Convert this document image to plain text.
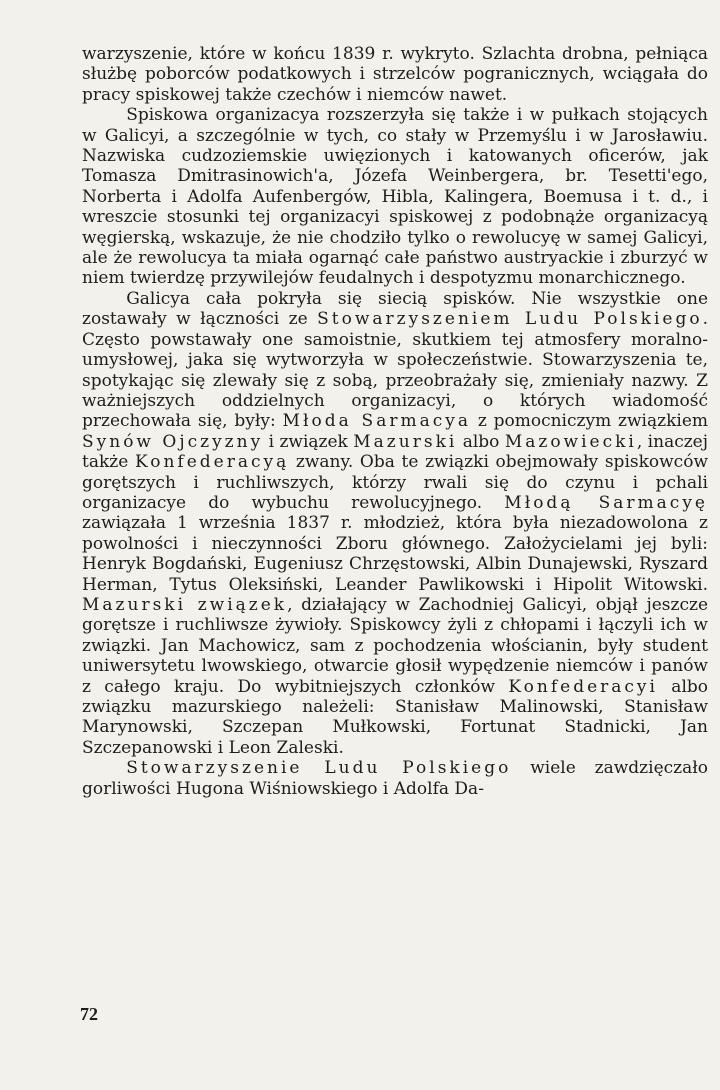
warzyszenie, które w końcu 1839 r. wykryto. Szlachta drobna, pełniąca służbę poborców podatkowych i strzelców pogranicznych, wciągała do pracy spiskowej także czechów i niemców nawet.

Spiskowa organizacya rozszerzyła się także i w pułkach stojących w Galicyi, a szczególnie w tych, co stały w Przemyślu i w Jarosławiu. Nazwiska cudzoziemskie uwięzionych i katowanych oficerów, jak Tomasza Dmitrasinowich'a, Józefa Weinbergera, br. Tesetti'ego, Norberta i Adolfa Aufenbergów, Hibla, Kalingera, Boemusa i t. d., i wreszcie stosunki tej organizacyi spiskowej z podobnąże organizacyą węgierską, wskazuje, że nie chodziło tylko o rewolucyę w samej Galicyi, ale że rewolucya ta miała ogarnąć całe państwo austryackie i zburzyć w niem twierdzę przywilejów feudalnych i despotyzmu monarchicznego.

Galicya cała pokryła się siecią spisków. Nie wszystkie one zostawały w łączności ze Stowarzyszeniem Ludu Polskiego. Często powstawały one samoistnie, skutkiem tej atmosfery moralno-umysłowej, jaka się wytworzyła w społeczeństwie. Stowarzyszenia te, spotykając się zlewały się z sobą, przeobrażały się, zmieniały nazwy. Z ważniejszych oddzielnych organizacyi, o których wiadomość przechowała się, były: Młoda Sarmacya z pomocniczym związkiem Synów Ojczyzny i związek Mazurski albo Mazowiecki, inaczej także Konfederacyą zwany. Oba te związki obejmowały spiskowców gorętszych i ruchliwszych, którzy rwali się do czynu i pchali organizacye do wybuchu rewolucyjnego. Młodą Sarmacyę zawiązała 1 września 1837 r. młodzież, która była niezadowolona z powolności i nieczynności Zboru głównego. Założycielami jej byli: Henryk Bogdański, Eugeniusz Chrzęstowski, Albin Dunajewski, Ryszard Herman, Tytus Oleksiński, Leander Pawlikowski i Hipolit Witowski. Mazurski związek, działający w Zachodniej Galicyi, objął jeszcze gorętsze i ruchliwsze żywioły. Spiskowcy żyli z chłopami i łączyli ich w związki. Jan Machowicz, sam z pochodzenia włościanin, były student uniwersytetu lwowskiego, otwarcie głosił wypędzenie niemców i panów z całego kraju. Do wybitniejszych członków Konfederacyi albo związku mazurskiego należeli: Stanisław Malinowski, Stanisław Marynowski, Szczepan Mułkowski, Fortunat Stadnicki, Jan Szczepanowski i Leon Zaleski.

Stowarzyszenie Ludu Polskiego wiele zawdzięczało gorliwości Hugona Wiśniowskiego i Adolfa Da-

72
